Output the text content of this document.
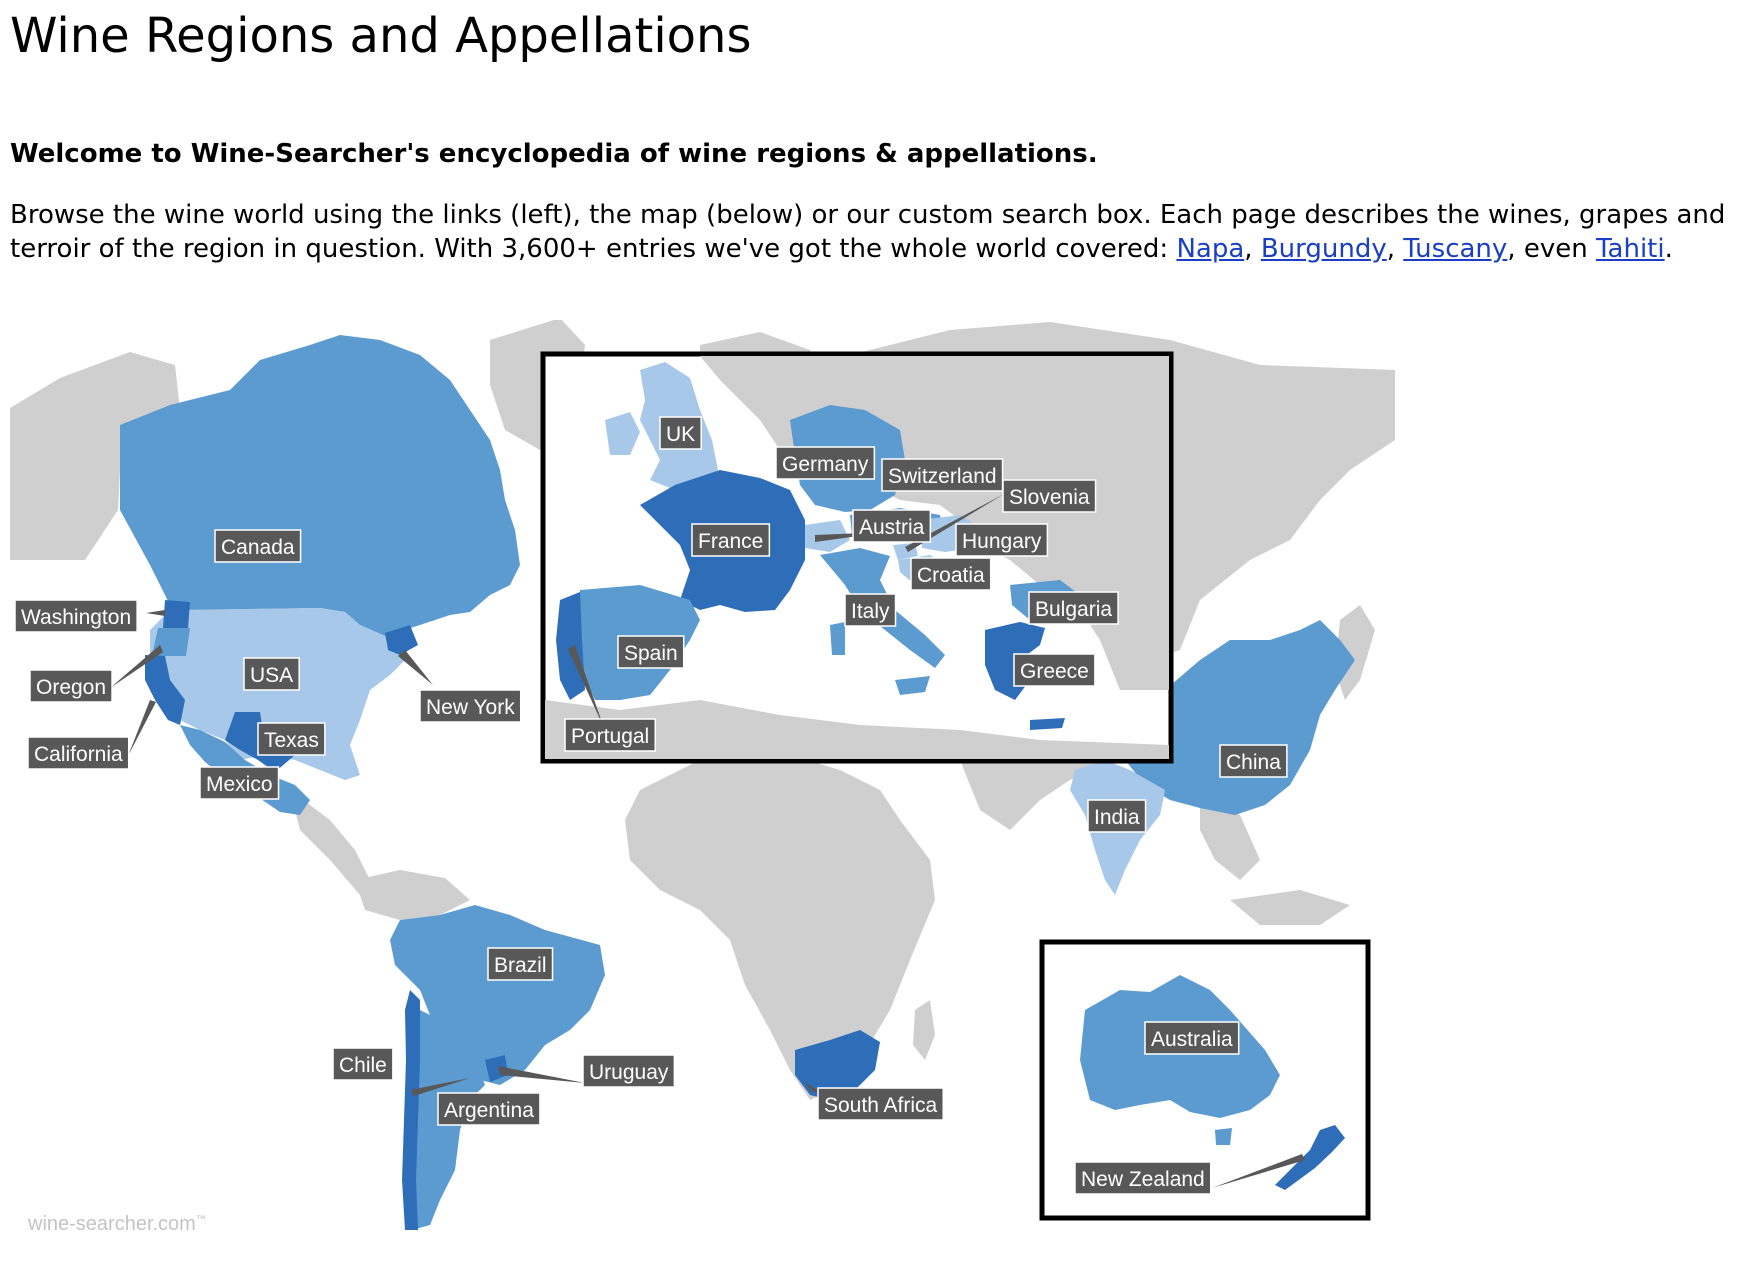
Wine Regions and Appellations

Welcome to Wine-Searcher's encyclopedia of wine regions & appellations.

Browse the wine world using the links (left), the map (below) or our custom search box. Each page describes the wines, grapes and
terroir of the region in question. With 3,600+ entries we've got the whole world covered: Napa, Burgundy, Tuscany, even Tahiti.

Canada
Washington
USA
Oregon
New York
California
Texas
Mexico
Brazil
Chile	Uruguay
Argentina	South Africa
China
India
UK
Germany
Switzerland
Slovenia
Austria
France	Hungary
Croatia
Italy	Bulgaria
Spain
Greece
Portugal
Australia
New Zealand
wine-searcher.com™
